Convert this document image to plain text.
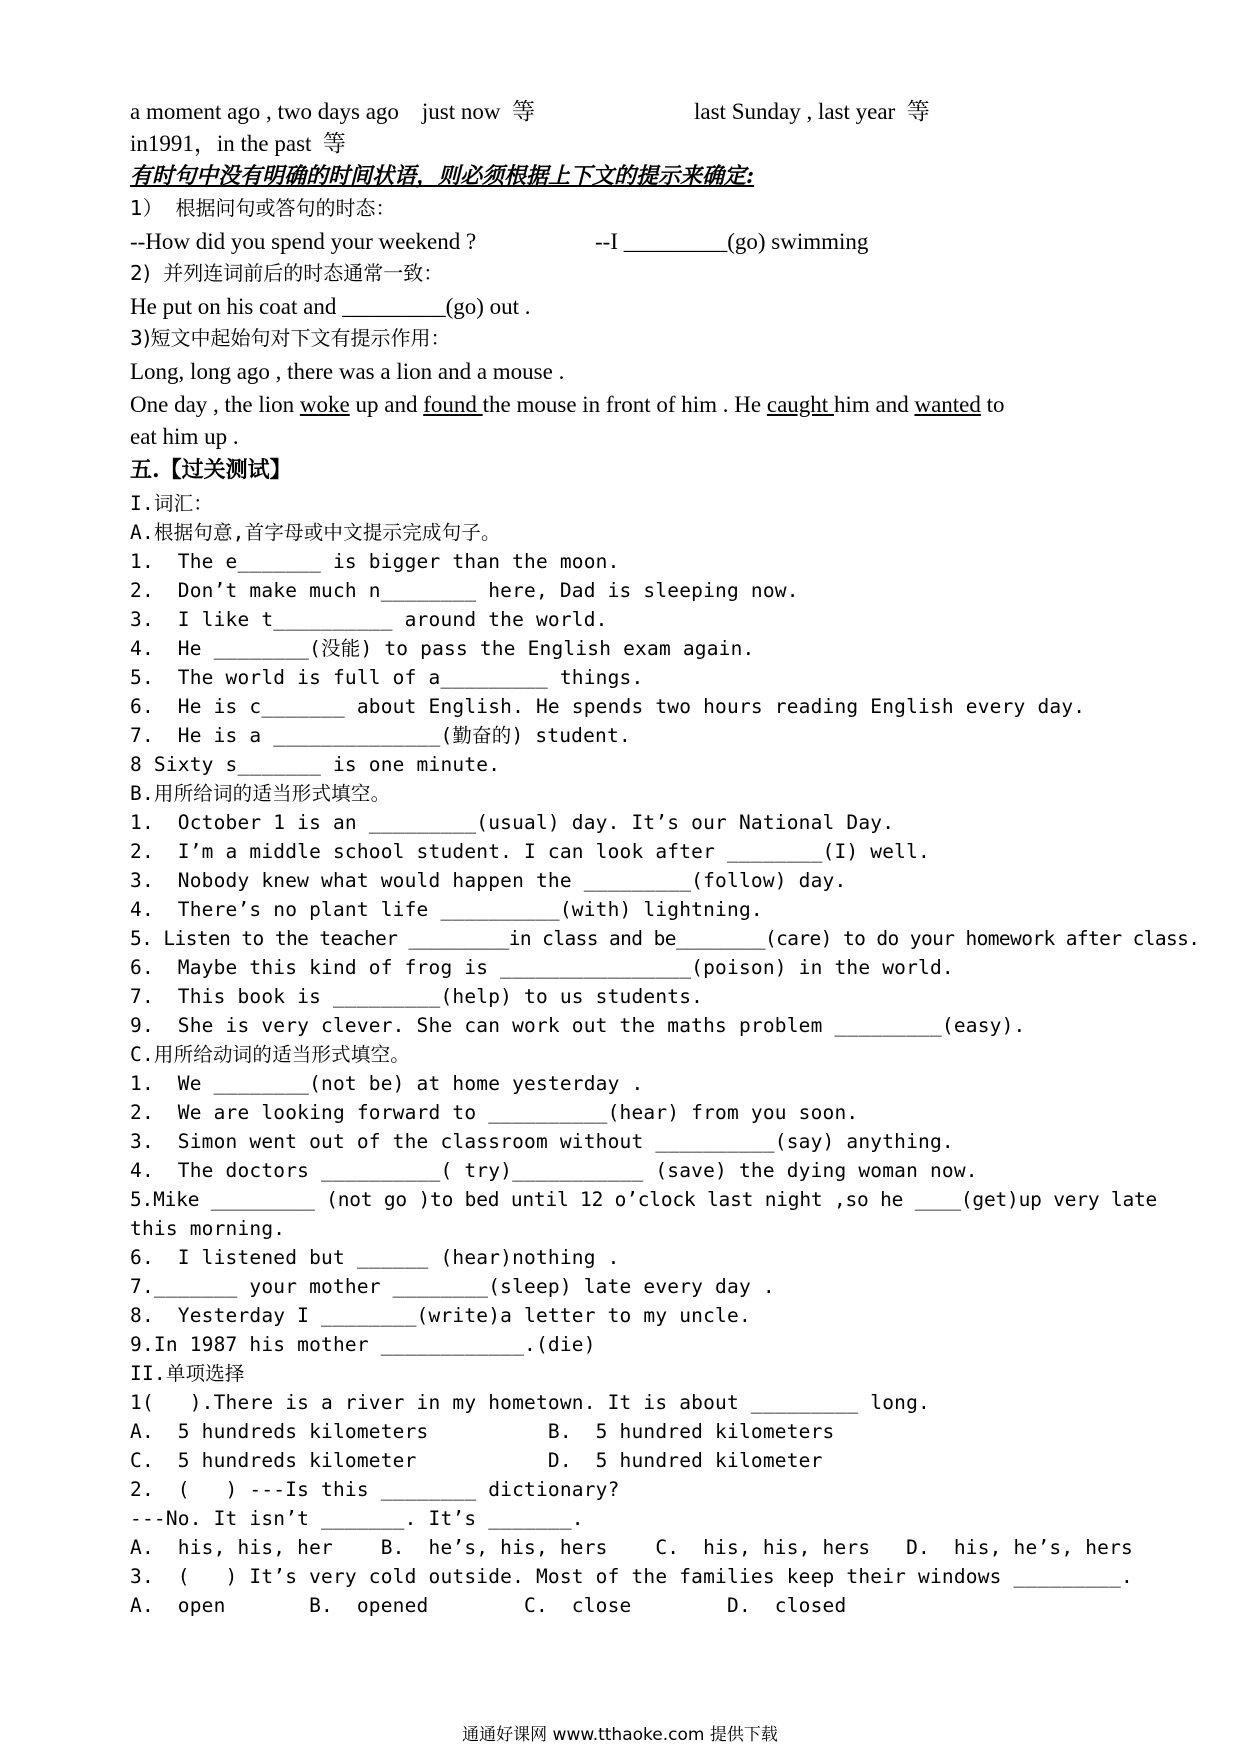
a moment ago , two days ago    just now  等	last Sunday , last year  等
in1991，in the past  等
有时句中没有明确的时间状语，则必须根据上下文的提示来确定:
1）  根据问句或答句的时态：
--How did you spend your weekend ?	--I _________(go) swimming
2)  并列连词前后的时态通常一致：
He put on his coat and _________(go) out .
3)短文中起始句对下文有提示作用：
Long, long ago , there was a lion and a mouse .
One day , the lion woke up and found the mouse in front of him . He caught him and wanted to
eat him up .
五.【过关测试】
I.词汇：
A.根据句意,首字母或中文提示完成句子。
1.  The e_______ is bigger than the moon.
2.  Don’t make much n________ here, Dad is sleeping now.
3.  I like t__________ around the world.
4.  He ________(没能) to pass the English exam again.
5.  The world is full of a_________ things.
6.  He is c_______ about English. He spends two hours reading English every day.
7.  He is a ______________(勤奋的) student.
8 Sixty s_______ is one minute.
B.用所给词的适当形式填空。
1.  October 1 is an _________(usual) day. It’s our National Day.
2.  I’m a middle school student. I can look after ________(I) well.
3.  Nobody knew what would happen the _________(follow) day.
4.  There’s no plant life __________(with) lightning.
5. Listen to the teacher _________in class and be________(care) to do your homework after class.
6.  Maybe this kind of frog is ________________(poison) in the world.
7.  This book is _________(help) to us students.
9.  She is very clever. She can work out the maths problem _________(easy).
C.用所给动词的适当形式填空。
1.  We ________(not be) at home yesterday .
2.  We are looking forward to __________(hear) from you soon.
3.  Simon went out of the classroom without __________(say) anything.
4.  The doctors __________( try)___________ (save) the dying woman now.
5.Mike _________ (not go )to bed until 12 o’clock last night ,so he ____(get)up very late
this morning.
6.  I listened but ______ (hear)nothing .
7._______ your mother ________(sleep) late every day .
8.  Yesterday I ________(write)a letter to my uncle.
9.In 1987 his mother ____________.(die)
II.单项选择
1(   ).There is a river in my hometown. It is about _________ long.
A.  5 hundreds kilometers          B.  5 hundred kilometers
C.  5 hundreds kilometer           D.  5 hundred kilometer
2.  (   ) ---Is this ________ dictionary?
---No. It isn’t _______. It’s _______.
A.  his, his, her    B.  he’s, his, hers    C.  his, his, hers   D.  his, he’s, hers
3.  (   ) It’s very cold outside. Most of the families keep their windows _________.
A.  open       B.  opened        C.  close        D.  closed
通通好课网 www.tthaoke.com 提供下载
